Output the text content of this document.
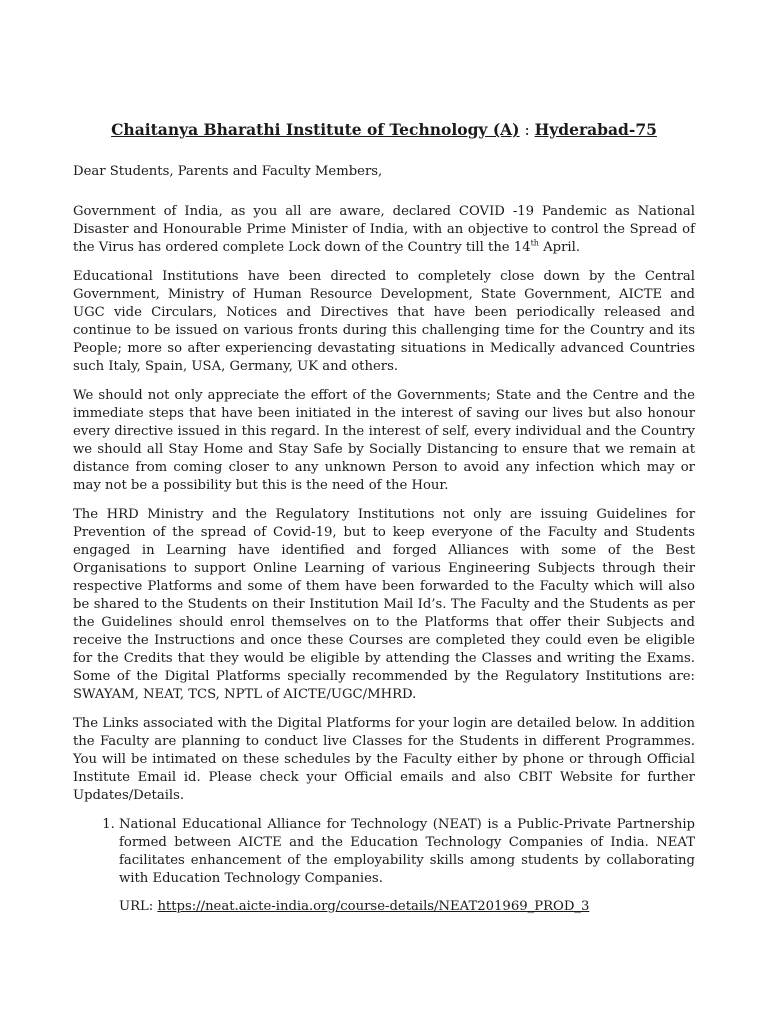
Chaitanya Bharathi Institute of Technology (A) : Hyderabad-75

Dear Students, Parents and Faculty Members,

Government of India, as you all are aware, declared COVID -19 Pandemic as National Disaster and Honourable Prime Minister of India, with an objective to control the Spread of the Virus has ordered complete Lock down of the Country till the 14th April.

Educational Institutions have been directed to completely close down by the Central Government, Ministry of Human Resource Development, State Government, AICTE and UGC vide Circulars, Notices and Directives that have been periodically released and continue to be issued on various fronts during this challenging time for the Country and its People; more so after experiencing devastating situations in Medically advanced Countries such Italy, Spain, USA, Germany, UK and others.

We should not only appreciate the effort of the Governments; State and the Centre and the immediate steps that have been initiated in the interest of saving our lives but also honour every directive issued in this regard. In the interest of self, every individual and the Country we should all Stay Home and Stay Safe by Socially Distancing to ensure that we remain at distance from coming closer to any unknown Person to avoid any infection which may or may not be a possibility but this is the need of the Hour.

The HRD Ministry and the Regulatory Institutions not only are issuing Guidelines for Prevention of the spread of Covid-19, but to keep everyone of the Faculty and Students engaged in Learning have identified and forged Alliances with some of the Best Organisations to support Online Learning of various Engineering Subjects through their respective Platforms and some of them have been forwarded to the Faculty which will also be shared to the Students on their Institution Mail Id’s. The Faculty and the Students as per the Guidelines should enrol themselves on to the Platforms that offer their Subjects and receive the Instructions and once these Courses are completed they could even be eligible for the Credits that they would be eligible by attending the Classes and writing the Exams. Some of the Digital Platforms specially recommended by the Regulatory Institutions are: SWAYAM, NEAT, TCS, NPTL of AICTE/UGC/MHRD.

The Links associated with the Digital Platforms for your login are detailed below. In addition the Faculty are planning to conduct live Classes for the Students in different Programmes. You will be intimated on these schedules by the Faculty either by phone or through Official Institute Email id. Please check your Official emails and also CBIT Website for further Updates/Details.

1. National Educational Alliance for Technology (NEAT) is a Public-Private Partnership formed between AICTE and the Education Technology Companies of India. NEAT facilitates enhancement of the employability skills among students by collaborating with Education Technology Companies.

URL: https://neat.aicte-india.org/course-details/NEAT201969_PROD_3
